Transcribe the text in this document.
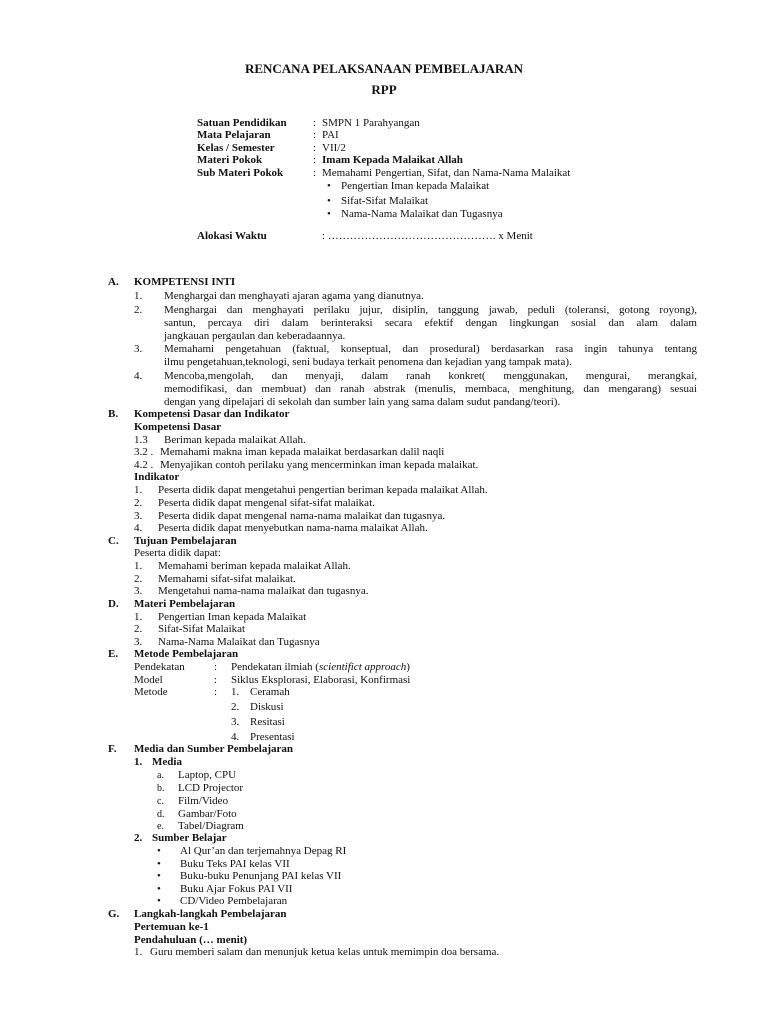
RENCANA PELAKSANAAN PEMBELAJARAN
RPP
Satuan Pendidikan : SMPN 1 Parahyangan
Mata Pelajaran	: PAI
Kelas / Semester	: VII/2
Materi Pokok	: Imam Kepada Malaikat Allah
Sub Materi Pokok	: Memahami Pengertian, Sifat, dan Nama-Nama Malaikat
•
Pengertian Iman kepada Malaikat
•
Sifat-Sifat Malaikat
•
Nama-Nama Malaikat dan Tugasnya
Alokasi Waktu	: ………………………………………. x Menit
A. KOMPETENSI INTI
1. Menghargai dan menghayati ajaran agama yang dianutnya.
2. Menghargai dan menghayati perilaku jujur, disiplin, tanggung jawab, peduli (toleransi, gotong royong),
santun, percaya diri dalam berinteraksi secara efektif dengan lingkungan sosial dan alam dalam
jangkauan pergaulan dan keberadaannya.
3. Memahami pengetahuan (faktual, konseptual, dan prosedural) berdasarkan rasa ingin tahunya tentang
ilmu pengetahuan,teknologi, seni budaya terkait penomena dan kejadian yang tampak mata).
4. Mencoba,mengolah, dan menyaji, dalam ranah konkret( menggunakan, mengurai, merangkai,
memodifikasi, dan membuat) dan ranah abstrak (menulis, membaca, menghitung, dan mengarang) sesuai
dengan yang dipelajari di sekolah dan sumber lain yang sama dalam sudut pandang/teori).
B. Kompetensi Dasar dan Indikator
Kompetensi Dasar
1.3 Beriman kepada malaikat Allah.
3.2 . Memahami makna iman kepada malaikat berdasarkan dalil naqli
4.2 . Menyajikan contoh perilaku yang mencerminkan iman kepada malaikat.
Indikator
1. Peserta didik dapat mengetahui pengertian beriman kepada malaikat Allah.
2. Peserta didik dapat mengenal sifat-sifat malaikat.
3. Peserta didik dapat mengenal nama-nama malaikat dan tugasnya.
4. Peserta didik dapat menyebutkan nama-nama malaikat Allah.
C. Tujuan Pembelajaran
Peserta didik dapat:
1. Memahami beriman kepada malaikat Allah.
2. Memahami sifat-sifat malaikat.
3. Mengetahui nama-nama malaikat dan tugasnya.
D. Materi Pembelajaran
1. Pengertian Iman kepada Malaikat
2. Sifat-Sifat Malaikat
3. Nama-Nama Malaikat dan Tugasnya
E. Metode Pembelajaran
Pendekatan	: Pendekatan ilmiah (scientifict approach)
Model	: Siklus Eksplorasi, Elaborasi, Konfirmasi
Metode	: 1. Ceramah
2. Diskusi
3. Resitasi
4. Presentasi
F. Media dan Sumber Pembelajaran
1. Media
a. Laptop, CPU
b. LCD Projector
c. Film/Video
d. Gambar/Foto
e. Tabel/Diagram
2. Sumber Belajar
•
Al Qur’an dan terjemahnya Depag RI
•
Buku Teks PAI kelas VII
•
Buku-buku Penunjang PAI kelas VII
•
Buku Ajar Fokus PAI VII
•
CD/Video Pembelajaran
G. Langkah-langkah Pembelajaran
Pertemuan ke-1
Pendahuluan (… menit)
1. Guru memberi salam dan menunjuk ketua kelas untuk memimpin doa bersama.
